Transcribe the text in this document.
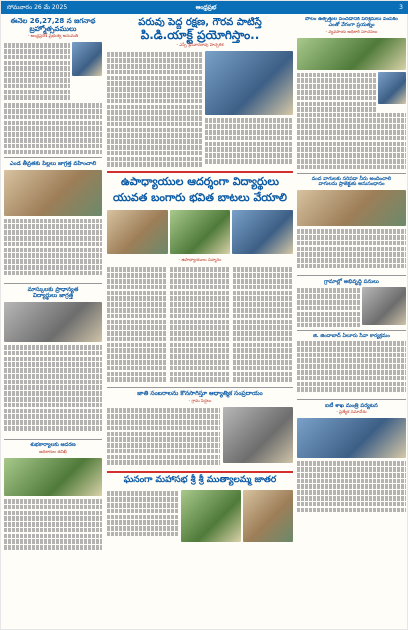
సోమవారం 26 మే 2025	ఆంధ్రప్రభ	3
ఈనెల 26,27,28 న జగనాథ
బ్రహ్మోత్సవములు
- ఆంధ్రప్రదేశ్ ప్రభుత్వ అనుమతి
ఎండ తీవ్రతకు పిల్లలు జాగ్రత్త వహించాలి
మాస్కులకు ప్రాధాన్యత
విద్యార్థులు జాగ్రత్త
శుభకార్యాలకు ఆదరణ
అధికారుల తనిఖీ
పరువు పెద్ద రక్షణ, గౌరవ పాటిస్తే
పి.డి.యాక్ట్ ప్రయోగిస్తాం..
- ఎస్పీ శ్రీనివాసరావు హెచ్చరిక
ఉపాధ్యాయుల ఆదర్శంగా విద్యార్థులు
యువత బంగారు భవిత బాటలు వేయాలి
- ఉపాధ్యాయులు సన్మానం
జాతి సంబరాలను కొనసాగిస్తూ ఆధ్యాత్మిక సంప్రదాయం
- గ్రామ పెద్దలు
ఘనంగా మహాసభ శ్రీ శ్రీ ముత్యాలమ్మ జాతర
పొలం ఉత్పత్తుల పెంచడానికి పరిశ్రమలు పెంపకం
ఎంతో వేగంగా ప్రయత్నం
- వ్యవసాయ అధికారి సూచనలు
వంద వాగులకు సరిపడా నీరు అందించాలి
వాగులను ప్రాజెక్టుకు అనుసంధానం
గ్రామాల్లో అభివృద్ధి పనులు
జి. జిందాబాద్ ఏలూరు సేవా కార్యక్రమం
ఐటీ శాఖ మంత్రి పర్యటన
- ప్రత్యేక సమావేశం
